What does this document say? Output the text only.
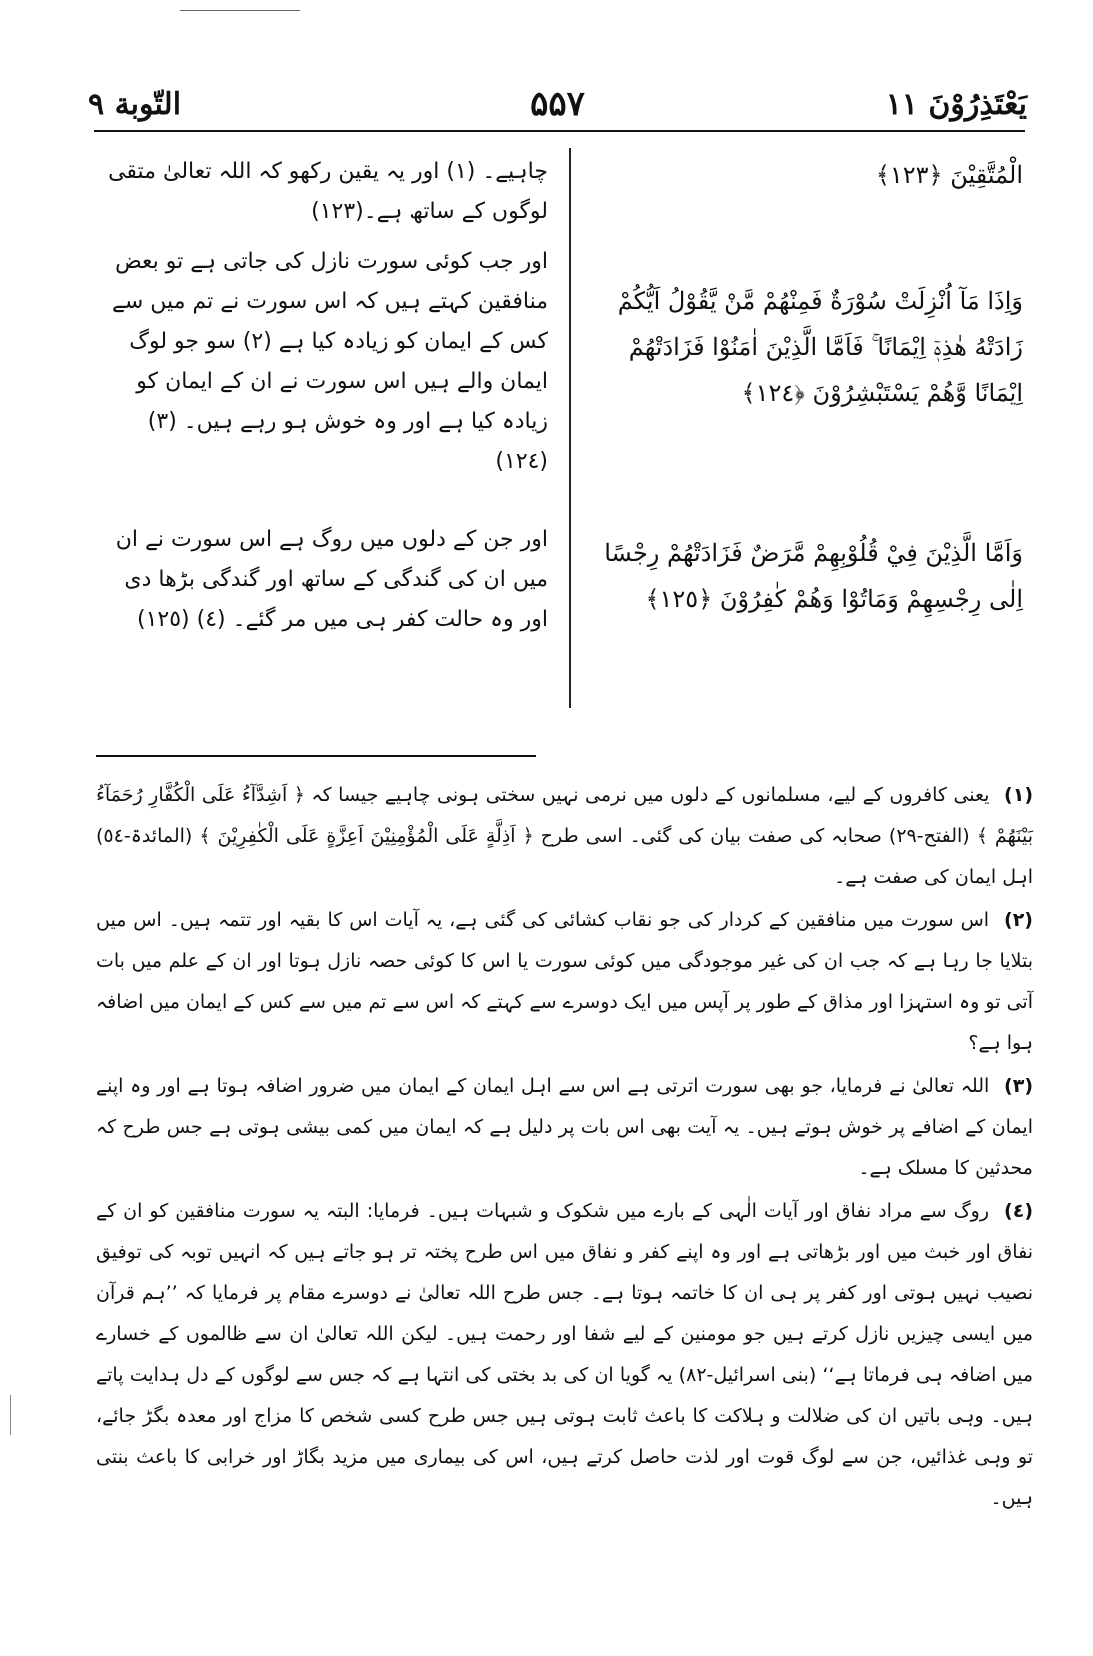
التّوبة ٩	۵۵۷	یَعْتَذِرُوْنَ ١١
الْمُتَّقِيْنَ ﴿١٢٣﴾
وَاِذَا مَآ اُنْزِلَتْ سُوْرَةٌ فَمِنْهُمْ مَّنْ يَّقُوْلُ اَيُّكُمْ زَادَتْهُ هٰذِهٖٓ اِيْمَانًا ۚ فَاَمَّا الَّذِيْنَ اٰمَنُوْا فَزَادَتْهُمْ اِيْمَانًا وَّهُمْ يَسْتَبْشِرُوْنَ ﴿١٢٤﴾
وَاَمَّا الَّذِيْنَ فِيْ قُلُوْبِهِمْ مَّرَضٌ فَزَادَتْهُمْ رِجْسًا اِلٰى رِجْسِهِمْ وَمَاتُوْا وَهُمْ كٰفِرُوْنَ ﴿١٢٥﴾

چاہیے۔ (١) اور یہ یقین رکھو کہ اللہ تعالیٰ متقی لوگوں کے ساتھ ہے۔(١٢٣)

اور جب کوئی سورت نازل کی جاتی ہے تو بعض منافقین کہتے ہیں کہ اس سورت نے تم میں سے کس کے ایمان کو زیادہ کیا ہے (٢) سو جو لوگ ایمان والے ہیں اس سورت نے ان کے ایمان کو زیادہ کیا ہے اور وہ خوش ہو رہے ہیں۔ (٣) (١٢٤)

اور جن کے دلوں میں روگ ہے اس سورت نے ان میں ان کی گندگی کے ساتھ اور گندگی بڑھا دی اور وہ حالت کفر ہی میں مر گئے۔ (٤) (١٢٥)

(١) یعنی کافروں کے لیے، مسلمانوں کے دلوں میں نرمی نہیں سختی ہونی چاہیے جیسا کہ ﴿ اَشِدَّآءُ عَلَى الْكُفَّارِ رُحَمَآءُ بَيْنَهُمْ ﴾ (الفتح-٢٩) صحابہ کی صفت بیان کی گئی۔ اسی طرح ﴿ اَذِلَّةٍ عَلَى الْمُؤْمِنِيْنَ اَعِزَّةٍ عَلَى الْكٰفِرِيْنَ ﴾ (المائدۃ-٥٤) اہل ایمان کی صفت ہے۔

(٢) اس سورت میں منافقین کے کردار کی جو نقاب کشائی کی گئی ہے، یہ آیات اس کا بقیہ اور تتمہ ہیں۔ اس میں بتلایا جا رہا ہے کہ جب ان کی غیر موجودگی میں کوئی سورت یا اس کا کوئی حصہ نازل ہوتا اور ان کے علم میں بات آتی تو وہ استہزا اور مذاق کے طور پر آپس میں ایک دوسرے سے کہتے کہ اس سے تم میں سے کس کے ایمان میں اضافہ ہوا ہے؟

(٣) اللہ تعالیٰ نے فرمایا، جو بھی سورت اترتی ہے اس سے اہل ایمان کے ایمان میں ضرور اضافہ ہوتا ہے اور وہ اپنے ایمان کے اضافے پر خوش ہوتے ہیں۔ یہ آیت بھی اس بات پر دلیل ہے کہ ایمان میں کمی بیشی ہوتی ہے جس طرح کہ محدثین کا مسلک ہے۔

(٤) روگ سے مراد نفاق اور آیات الٰہی کے بارے میں شکوک و شبہات ہیں۔ فرمایا: البتہ یہ سورت منافقین کو ان کے نفاق اور خبث میں اور بڑھاتی ہے اور وہ اپنے کفر و نفاق میں اس طرح پختہ تر ہو جاتے ہیں کہ انہیں توبہ کی توفیق نصیب نہیں ہوتی اور کفر پر ہی ان کا خاتمہ ہوتا ہے۔ جس طرح اللہ تعالیٰ نے دوسرے مقام پر فرمایا کہ ’’ہم قرآن میں ایسی چیزیں نازل کرتے ہیں جو مومنین کے لیے شفا اور رحمت ہیں۔ لیکن اللہ تعالیٰ ان سے ظالموں کے خسارے میں اضافہ ہی فرماتا ہے‘‘ (بنی اسرائیل-٨٢) یہ گویا ان کی بد بختی کی انتہا ہے کہ جس سے لوگوں کے دل ہدایت پاتے ہیں۔ وہی باتیں ان کی ضلالت و ہلاکت کا باعث ثابت ہوتی ہیں جس طرح کسی شخص کا مزاج اور معدہ بگڑ جائے، تو وہی غذائیں، جن سے لوگ قوت اور لذت حاصل کرتے ہیں، اس کی بیماری میں مزید بگاڑ اور خرابی کا باعث بنتی ہیں۔
